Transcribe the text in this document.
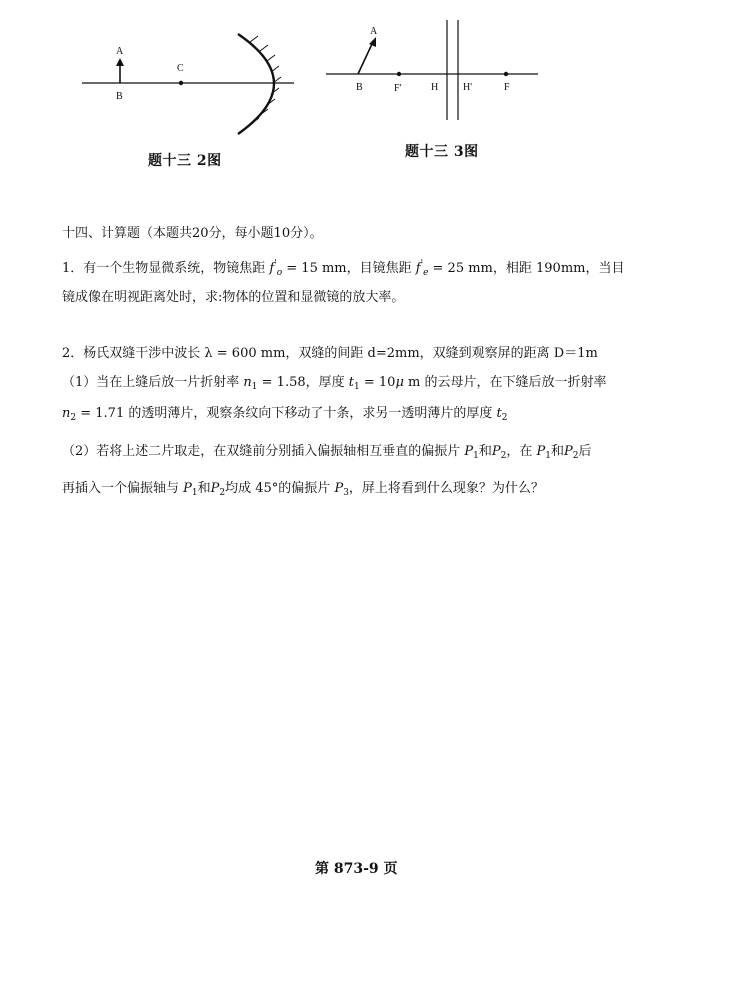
A
B
C
题十三 2图
A
B	F'	H H'	F
题十三 3图
十四、计算题（本题共20分，每小题10分）。
1．有一个生物显微系统，物镜焦距 $f'_o = 15$ mm，目镜焦距 $f'_e = 25$ mm，相距 190mm，当目
镜成像在明视距离处时，求:物体的位置和显微镜的放大率。
2．杨氏双缝干涉中波长 λ = 600 mm，双缝的间距 d=2mm，双缝到观察屏的距离 D＝1m
（1）当在上缝后放一片折射率 $n_1 = 1.58$，厚度 $t_1 = 10\mu$ m 的云母片，在下缝后放一折射率
$n_2 = 1.71$ 的透明薄片，观察条纹向下移动了十条，求另一透明薄片的厚度 $t_2$
（2）若将上述二片取走，在双缝前分别插入偏振轴相互垂直的偏振片 $P_1$和$P_2$，在 $P_1$和$P_2$后
再插入一个偏振轴与 $P_1$和$P_2$均成 45°的偏振片 $P_3$，屏上将看到什么现象？为什么？
第 873-9 页
